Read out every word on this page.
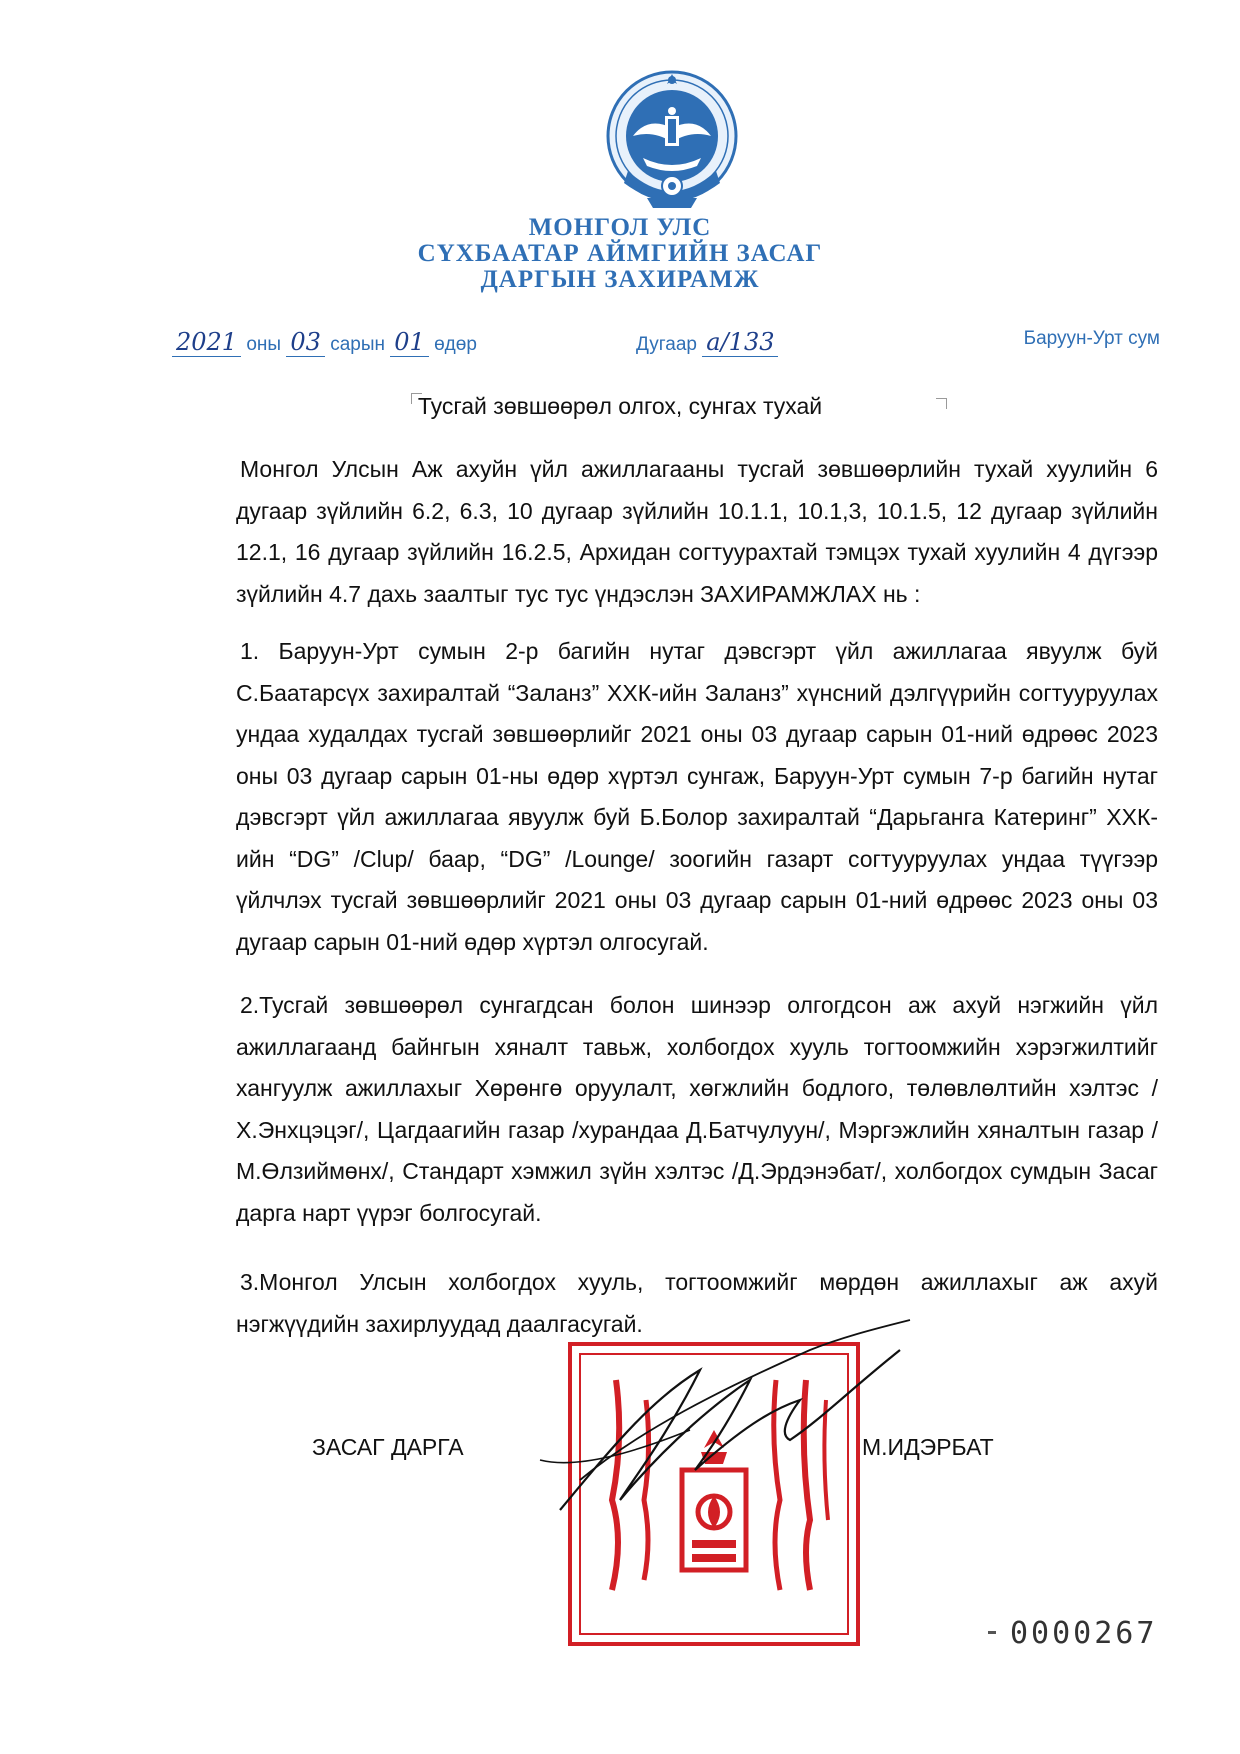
МОНГОЛ УЛС
СҮХБААТАР АЙМГИЙН ЗАСАГ
ДАРГЫН ЗАХИРАМЖ
2021 оны 03 сарын 01 өдөр	Дугаар а/133	Баруун-Урт сум
Тусгай зөвшөөрөл олгох, сунгах тухай
Монгол Улсын Аж ахуйн үйл ажиллагааны тусгай зөвшөөрлийн тухай хуулийн 6 дугаар зүйлийн 6.2, 6.3, 10 дугаар зүйлийн 10.1.1, 10.1,3, 10.1.5, 12 дугаар зүйлийн 12.1, 16 дугаар зүйлийн 16.2.5, Архидан согтуурахтай тэмцэх тухай хуулийн 4 дүгээр зүйлийн 4.7 дахь заалтыг тус тус үндэслэн ЗАХИРАМЖЛАХ нь :
1. Баруун-Урт сумын 2-р багийн нутаг дэвсгэрт үйл ажиллагаа явуулж буй С.Баатарсүх захиралтай “Заланз” ХХК-ийн Заланз” хүнсний дэлгүүрийн согтууруулах ундаа худалдах тусгай зөвшөөрлийг 2021 оны 03 дугаар сарын 01-ний өдрөөс 2023 оны 03 дугаар сарын 01-ны өдөр хүртэл сунгаж, Баруун-Урт сумын 7-р багийн нутаг дэвсгэрт үйл ажиллагаа явуулж буй Б.Болор захиралтай “Дарьганга Катеринг” ХХК-ийн “DG” /Clup/ баар, “DG” /Lounge/ зоогийн газарт согтууруулах ундаа түүгээр үйлчлэх тусгай зөвшөөрлийг 2021 оны 03 дугаар сарын 01-ний өдрөөс 2023 оны 03 дугаар сарын 01-ний өдөр хүртэл олгосугай.
2.Тусгай зөвшөөрөл сунгагдсан болон шинээр олгогдсон аж ахуй нэгжийн үйл ажиллагаанд байнгын хяналт тавьж, холбогдох хууль тогтоомжийн хэрэгжилтийг хангуулж ажиллахыг Хөрөнгө оруулалт, хөгжлийн бодлого, төлөвлөлтийн хэлтэс /Х.Энхцэцэг/, Цагдаагийн газар /хурандаа Д.Батчулуун/, Мэргэжлийн хяналтын газар /М.Өлзиймөнх/, Стандарт хэмжил зүйн хэлтэс /Д.Эрдэнэбат/, холбогдох сумдын Засаг дарга нарт үүрэг болгосугай.
3.Монгол Улсын холбогдох хууль, тогтоомжийг мөрдөн ажиллахыг аж ахуй нэгжүүдийн захирлуудад даалгасугай.
ЗАСАГ ДАРГА	М.ИДЭРБАТ
0000267
